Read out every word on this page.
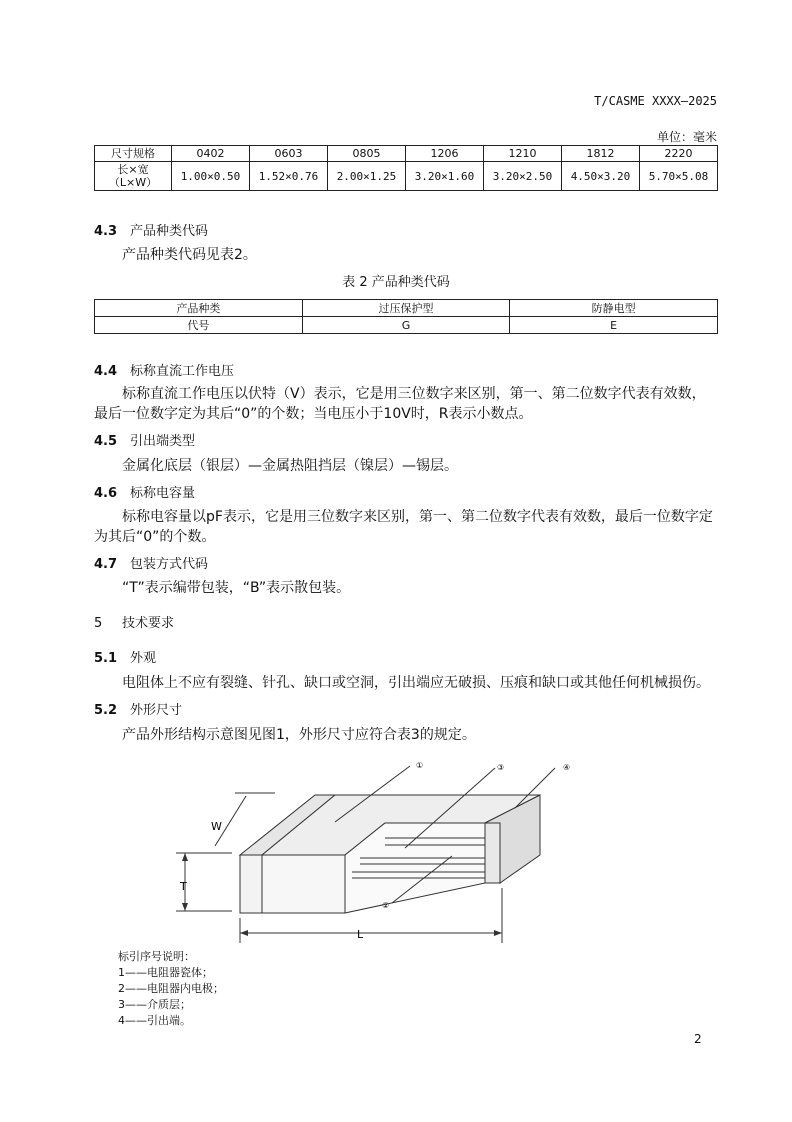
T/CASME XXXX—2025
单位：毫米
尺寸规格	0402	0603	0805	1206	1210	1812	2220

长×宽
（L×W）	1.00×0.50	1.52×0.76	2.00×1.25	3.20×1.60	3.20×2.50	4.50×3.20	5.70×5.08
4.3 产品种类代码
产品种类代码见表2。
表 2 产品种类代码
产品种类	过压保护型	防静电型
代号	G	E
4.4 标称直流工作电压
标称直流工作电压以伏特（V）表示，它是用三位数字来区别，第一、第二位数字代表有效数，最后一位数字定为其后“0”的个数；当电压小于10V时，R表示小数点。
4.5 引出端类型
金属化底层（银层）—金属热阻挡层（镍层）—锡层。
4.6 标称电容量
标称电容量以pF表示，它是用三位数字来区别，第一、第二位数字代表有效数，最后一位数字定为其后“0”的个数。
4.7 包装方式代码
“T”表示编带包装，“B”表示散包装。
5 技术要求
5.1 外观
电阻体上不应有裂缝、针孔、缺口或空洞，引出端应无破损、压痕和缺口或其他任何机械损伤。
5.2 外形尺寸
产品外形结构示意图见图1，外形尺寸应符合表3的规定。
L
T
W
①	③	④
②
标引序号说明：
1——电阻器瓷体；
2——电阻器内电极；
3——介质层；
4——引出端。
2
